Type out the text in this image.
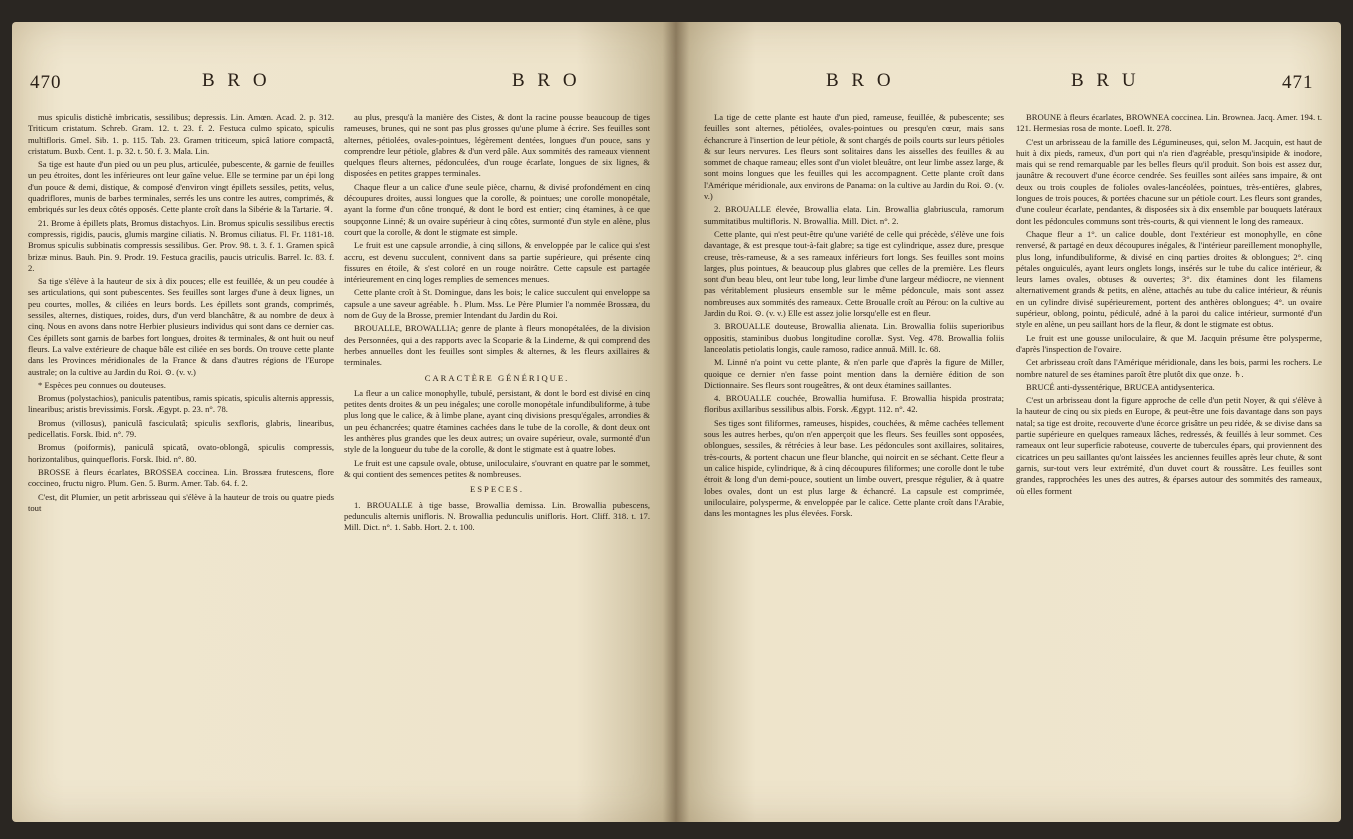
470	B R O	B R O

mus spiculis distichè imbricatis, sessilibus; depressis. Lin. Amœn. Acad. 2. p. 312. Triticum cristatum. Schreb. Gram. 12. t. 23. f. 2. Festuca culmo spicato, spiculis multifloris. Gmel. Sib. 1. p. 115. Tab. 23. Gramen triticeum, spicâ latiore compactâ, cristatum. Buxb. Cent. 1. p. 32. t. 50. f. 3. Mala. Lin.

Sa tige est haute d'un pied ou un peu plus, articulée, pubescente, & garnie de feuilles un peu étroites, dont les inférieures ont leur gaîne velue. Elle se termine par un épi long d'un pouce & demi, distique, & composé d'environ vingt épillets sessiles, petits, velus, quadriflores, munis de barbes terminales, serrés les uns contre les autres, comprimés, & embriqués sur les deux côtés opposés. Cette plante croît dans la Sibérie & la Tartarie. ♃.

21. Brome à épillets plats, Bromus distachyos. Lin. Bromus spiculis sessilibus erectis compressis, rigidis, paucis, glumis margine ciliatis. N. Bromus ciliatus. Fl. Fr. 1181-18. Bromus spiculis subbinatis compressis sessilibus. Ger. Prov. 98. t. 3. f. 1. Gramen spicâ brizæ minus. Bauh. Pin. 9. Prodr. 19. Festuca gracilis, paucis utriculis. Barrel. Ic. 83. f. 2.

Sa tige s'élève à la hauteur de six à dix pouces; elle est feuillée, & un peu coudée à ses articulations, qui sont pubescentes. Ses feuilles sont larges d'une à deux lignes, un peu courtes, molles, & ciliées en leurs bords. Les épillets sont grands, comprimés, sessiles, alternes, distiques, roides, durs, d'un verd blanchâtre, & au nombre de deux à cinq. Nous en avons dans notre Herbier plusieurs individus qui sont dans ce dernier cas. Ces épillets sont garnis de barbes fort longues, droites & terminales, & ont huit ou neuf fleurs. La valve extérieure de chaque bâle est ciliée en ses bords. On trouve cette plante dans les Provinces méridionales de la France & dans d'autres régions de l'Europe australe; on la cultive au Jardin du Roi. ⊙. (v. v.)

* Espèces peu connues ou douteuses.

Bromus (polystachios), paniculis patentibus, ramis spicatis, spiculis alternis appressis, linearibus; aristis brevissimis. Forsk. Ægypt. p. 23. n°. 78.

Bromus (villosus), paniculâ fasciculatâ; spiculis sexfloris, glabris, linearibus, pedicellatis. Forsk. Ibid. n°. 79.

Bromus (poiformis), paniculâ spicatâ, ovato-oblongâ, spiculis compressis, horizontalibus, quinquefloris. Forsk. Ibid. n°. 80.

BROSSE à fleurs écarlates, BROSSEA coccinea. Lin. Brossæa frutescens, flore coccineo, fructu nigro. Plum. Gen. 5. Burm. Amer. Tab. 64. f. 2.

C'est, dit Plumier, un petit arbrisseau qui s'élève à la hauteur de trois ou quatre pieds tout

au plus, presqu'à la manière des Cistes, & dont la racine pousse beaucoup de tiges rameuses, brunes, qui ne sont pas plus grosses qu'une plume à écrire. Ses feuilles sont alternes, pétiolées, ovales-pointues, légèrement dentées, longues d'un pouce, sans y comprendre leur pétiole, glabres & d'un verd pâle. Aux sommités des rameaux viennent quelques fleurs alternes, pédonculées, d'un rouge écarlate, longues de six lignes, & disposées en petites grappes terminales.

Chaque fleur a un calice d'une seule pièce, charnu, & divisé profondément en cinq découpures droites, aussi longues que la corolle, & pointues; une corolle monopétale, ayant la forme d'un cône tronqué, & dont le bord est entier; cinq étamines, à ce que soupçonne Linné; & un ovaire supérieur à cinq côtes, surmonté d'un style en alène, plus court que la corolle, & dont le stigmate est simple.

Le fruit est une capsule arrondie, à cinq sillons, & enveloppée par le calice qui s'est accru, est devenu succulent, connivent dans sa partie supérieure, qui présente cinq fissures en étoile, & s'est coloré en un rouge noirâtre. Cette capsule est partagée intérieurement en cinq loges remplies de semences menues.

Cette plante croît à St. Domingue, dans les bois; le calice succulent qui enveloppe sa capsule a une saveur agréable. ♄. Plum. Mss. Le Père Plumier l'a nommée Brossæa, du nom de Guy de la Brosse, premier Intendant du Jardin du Roi.

BROUALLE, BROWALLIA; genre de plante à fleurs monopétalées, de la division des Personnées, qui a des rapports avec la Scoparie & la Linderne, & qui comprend des herbes annuelles dont les feuilles sont simples & alternes, & les fleurs axillaires & terminales.

CARACTÈRE GÉNÉRIQUE.

La fleur a un calice monophylle, tubulé, persistant, & dont le bord est divisé en cinq petites dents droites & un peu inégales; une corolle monopétale infundibuliforme, à tube plus long que le calice, & à limbe plane, ayant cinq divisions presqu'égales, arrondies & un peu échancrées; quatre étamines cachées dans le tube de la corolle, & dont deux ont les anthères plus grandes que les deux autres; un ovaire supérieur, ovale, surmonté d'un style de la longueur du tube de la corolle, & dont le stigmate est à quatre lobes.

Le fruit est une capsule ovale, obtuse, uniloculaire, s'ouvrant en quatre par le sommet, & qui contient des semences petites & nombreuses.

ESPECES.

1. BROUALLE à tige basse, Browallia demissa. Lin. Browallia pubescens, pedunculis alternis unifloris. N. Browallia pedunculis unifloris. Hort. Cliff. 318. t. 17. Mill. Dict. n°. 1. Sabb. Hort. 2. t. 100.

B R O	B R U	471

La tige de cette plante est haute d'un pied, rameuse, feuillée, & pubescente; ses feuilles sont alternes, pétiolées, ovales-pointues ou presqu'en cœur, mais sans échancrure à l'insertion de leur pétiole, & sont chargés de poils courts sur leurs pétioles & sur leurs nervures. Les fleurs sont solitaires dans les aisselles des feuilles & au sommet de chaque rameau; elles sont d'un violet bleuâtre, ont leur limbe assez large, & sont moins longues que les feuilles qui les accompagnent. Cette plante croît dans l'Amérique méridionale, aux environs de Panama: on la cultive au Jardin du Roi. ⊙. (v. v.)

2. BROUALLE élevée, Browallia elata. Lin. Browallia glabriuscula, ramorum summitatibus multifloris. N. Browallia. Mill. Dict. n°. 2.

Cette plante, qui n'est peut-être qu'une variété de celle qui précède, s'élève une fois davantage, & est presque tout-à-fait glabre; sa tige est cylindrique, assez dure, presque creuse, très-rameuse, & a ses rameaux inférieurs fort longs. Ses feuilles sont moins larges, plus pointues, & beaucoup plus glabres que celles de la première. Les fleurs sont d'un beau bleu, ont leur tube long, leur limbe d'une largeur médiocre, ne viennent pas véritablement plusieurs ensemble sur le même pédoncule, mais sont assez nombreuses aux sommités des rameaux. Cette Broualle croît au Pérou: on la cultive au Jardin du Roi. ⊙. (v. v.) Elle est assez jolie lorsqu'elle est en fleur.

3. BROUALLE douteuse, Browallia alienata. Lin. Browallia foliis superioribus oppositis, staminibus duobus longitudine corollæ. Syst. Veg. 478. Browallia foliis lanceolatis petiolatis longis, caule ramoso, radice annuâ. Mill. Ic. 68.

M. Linné n'a point vu cette plante, & n'en parle que d'après la figure de Miller, quoique ce dernier n'en fasse point mention dans la dernière édition de son Dictionnaire. Ses fleurs sont rougeâtres, & ont deux étamines saillantes.

4. BROUALLE couchée, Browallia humifusa. F. Browallia hispida prostrata; floribus axillaribus sessilibus albis. Forsk. Ægypt. 112. n°. 42.

Ses tiges sont filiformes, rameuses, hispides, couchées, & même cachées tellement sous les autres herbes, qu'on n'en apperçoit que les fleurs. Ses feuilles sont opposées, oblongues, sessiles, & rétrécies à leur base. Les pédoncules sont axillaires, solitaires, très-courts, & portent chacun une fleur blanche, qui noircit en se séchant. Cette fleur a un calice hispide, cylindrique, & à cinq découpures filiformes; une corolle dont le tube étroit & long d'un demi-pouce, soutient un limbe ouvert, presque régulier, & à quatre lobes ovales, dont un est plus large & échancré. La capsule est comprimée, uniloculaire, polysperme, & enveloppée par le calice. Cette plante croît dans l'Arabie, dans les montagnes les plus élevées. Forsk.

BROUNE à fleurs écarlates, BROWNEA coccinea. Lin. Brownea. Jacq. Amer. 194. t. 121. Hermesias rosa de monte. Loefl. It. 278.

C'est un arbrisseau de la famille des Légumineuses, qui, selon M. Jacquin, est haut de huit à dix pieds, rameux, d'un port qui n'a rien d'agréable, presqu'insipide & inodore, mais qui se rend remarquable par les belles fleurs qu'il produit. Son bois est assez dur, jaunâtre & recouvert d'une écorce cendrée. Ses feuilles sont ailées sans impaire, & ont deux ou trois couples de folioles ovales-lancéolées, pointues, très-entières, glabres, longues de trois pouces, & portées chacune sur un pétiole court. Les fleurs sont grandes, d'une couleur écarlate, pendantes, & disposées six à dix ensemble par bouquets latéraux dont les pédoncules communs sont très-courts, & qui viennent le long des rameaux.

Chaque fleur a 1°. un calice double, dont l'extérieur est monophylle, en cône renversé, & partagé en deux découpures inégales, & l'intérieur pareillement monophylle, plus long, infundibuliforme, & divisé en cinq parties droites & oblongues; 2°. cinq pétales onguiculés, ayant leurs onglets longs, insérés sur le tube du calice intérieur, & leurs lames ovales, obtuses & ouvertes; 3°. dix étamines dont les filamens alternativement grands & petits, en alène, attachés au tube du calice intérieur, & réunis en un cylindre divisé supérieurement, portent des anthères oblongues; 4°. un ovaire supérieur, oblong, pointu, pédiculé, adné à la paroi du calice intérieur, surmonté d'un style en alène, un peu saillant hors de la fleur, & dont le stigmate est obtus.

Le fruit est une gousse uniloculaire, & que M. Jacquin présume être polysperme, d'après l'inspection de l'ovaire.

Cet arbrisseau croît dans l'Amérique méridionale, dans les bois, parmi les rochers. Le nombre naturel de ses étamines paroît être plutôt dix que onze. ♄.

BRUCÉ anti-dyssentérique, BRUCEA antidysenterica.

C'est un arbrisseau dont la figure approche de celle d'un petit Noyer, & qui s'élève à la hauteur de cinq ou six pieds en Europe, & peut-être une fois davantage dans son pays natal; sa tige est droite, recouverte d'une écorce grisâtre un peu ridée, & se divise dans sa partie supérieure en quelques rameaux lâches, redressés, & feuillés à leur sommet. Ces rameaux ont leur superficie raboteuse, couverte de tubercules épars, qui proviennent des cicatrices un peu saillantes qu'ont laissées les anciennes feuilles après leur chute, & sont garnis, sur-tout vers leur extrémité, d'un duvet court & roussâtre. Les feuilles sont grandes, rapprochées les unes des autres, & éparses autour des sommités des rameaux, où elles forment
